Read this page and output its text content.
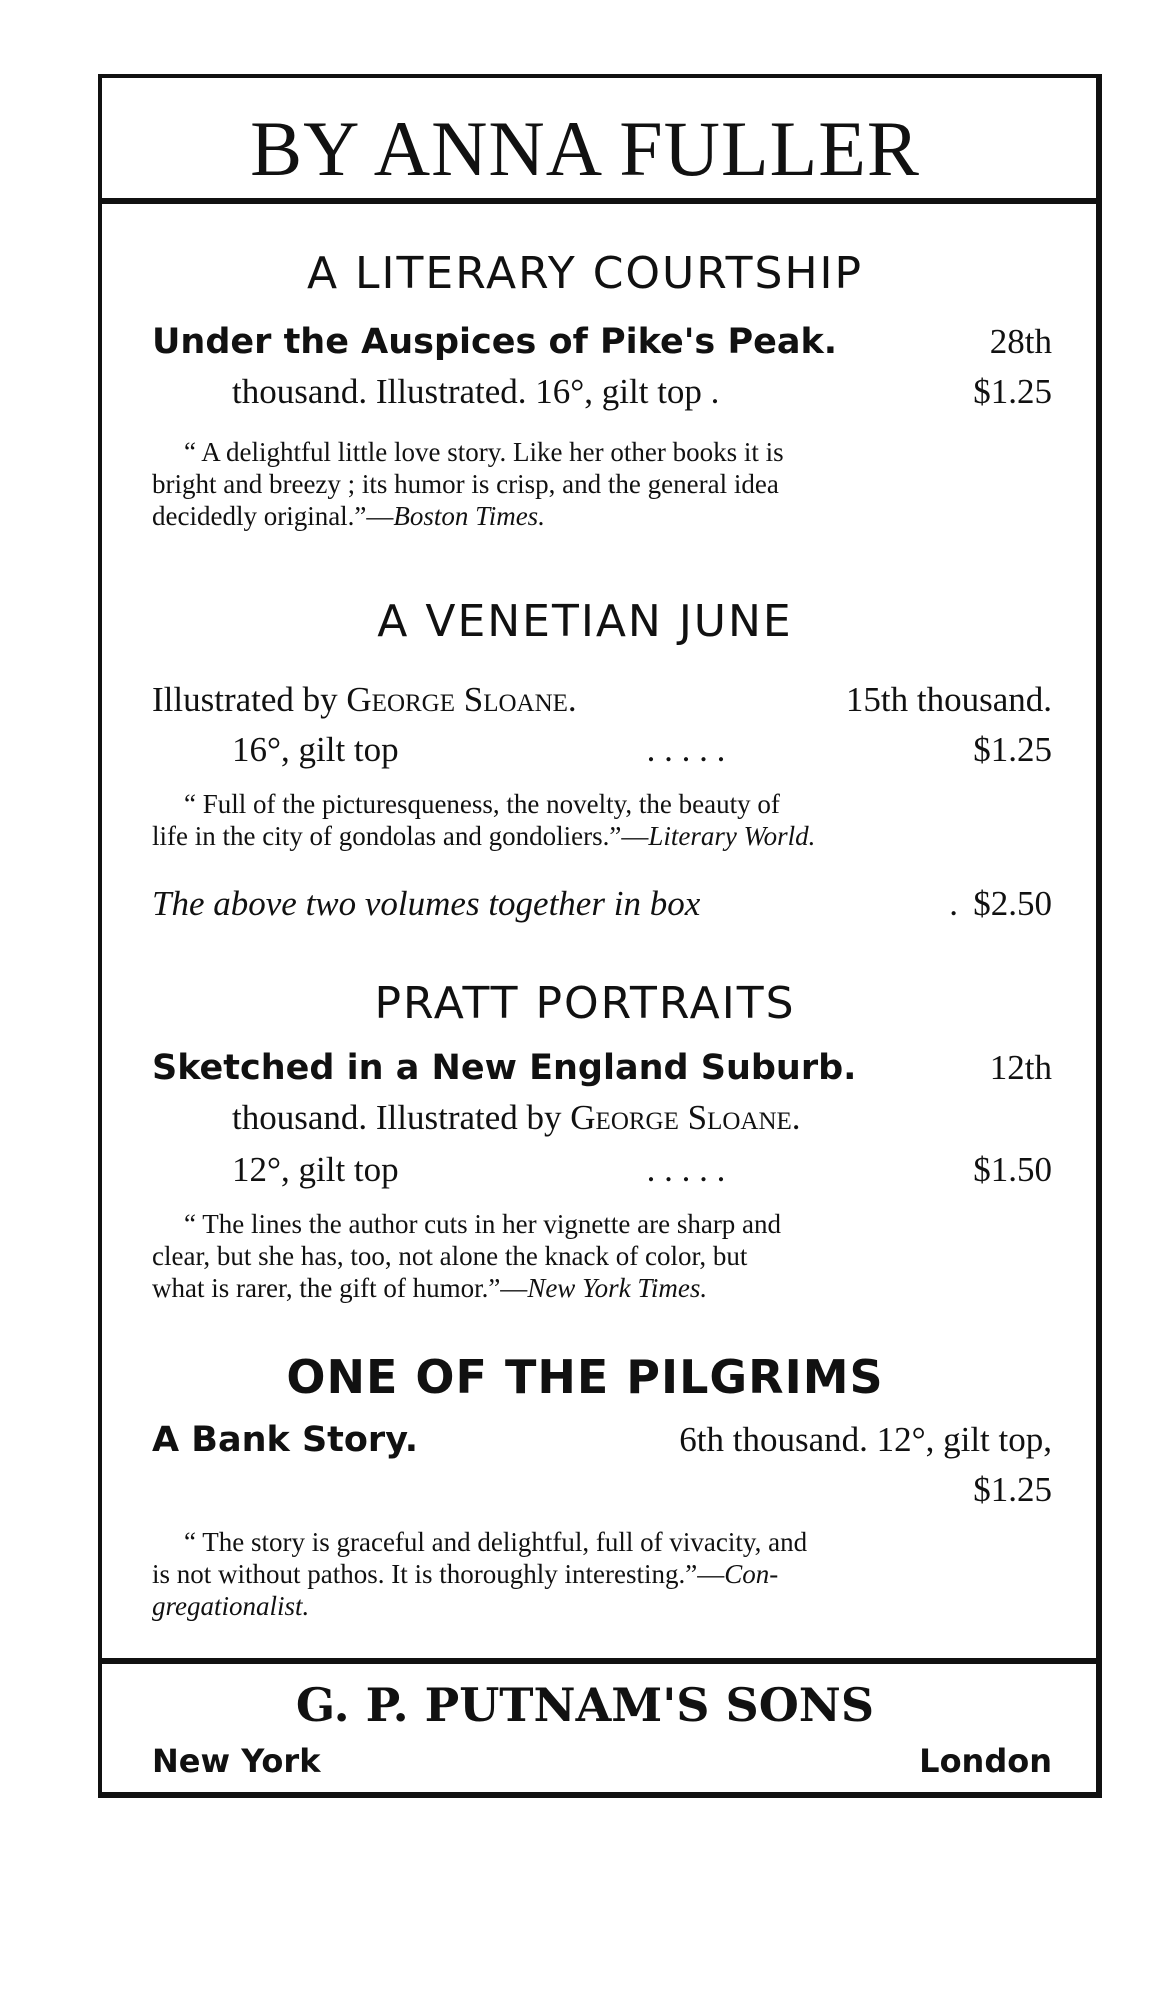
BY ANNA FULLER
A LITERARY COURTSHIP
Under the Auspices of Pike's Peak.	28th
thousand. Illustrated. 16°, gilt top .	$1.25
“ A delightful little love story. Like her other books it is
bright and breezy ; its humor is crisp, and the general idea
decidedly original.”—Boston Times.
A VENETIAN JUNE
Illustrated by George Sloane.	15th thousand.
16°, gilt top	. . . . .	$1.25
“ Full of the picturesqueness, the novelty, the beauty of
life in the city of gondolas and gondoliers.”—Literary World.
The above two volumes together in box	. $2.50
PRATT PORTRAITS
Sketched in a New England Suburb.	12th
thousand. Illustrated by George Sloane.
12°, gilt top	. . . . .	$1.50
“ The lines the author cuts in her vignette are sharp and
clear, but she has, too, not alone the knack of color, but
what is rarer, the gift of humor.”—New York Times.
ONE OF THE PILGRIMS
A Bank Story.	6th thousand. 12°, gilt top,
$1.25
“ The story is graceful and delightful, full of vivacity, and
is not without pathos. It is thoroughly interesting.”—Con-
gregationalist.
G. P. PUTNAM'S SONS
New York	London
